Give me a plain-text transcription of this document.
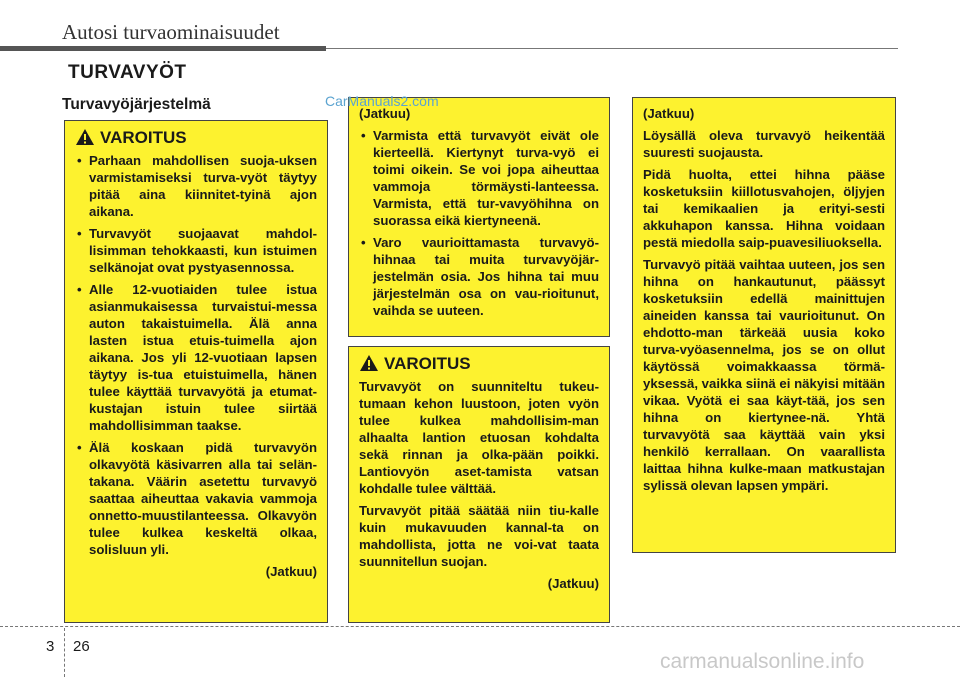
Autosi turvaominaisuudet
TURVAVYÖT
Turvavyöjärjestelmä
VAROITUS
• Parhaan mahdollisen suoja-uksen varmistamiseksi turva-vyöt täytyy pitää aina kiinnitet-tyinä ajon aikana.
• Turvavyöt suojaavat mahdol-lisimman tehokkaasti, kun istuimen selkänojat ovat pystyasennossa.
• Alle 12-vuotiaiden tulee istua asianmukaisessa turvaistui-messa auton takaistuimella. Älä anna lasten istua etuis-tuimella ajon aikana. Jos yli 12-vuotiaan lapsen täytyy is-tua etuistuimella, hänen tulee käyttää turvavyötä ja etumat-kustajan istuin tulee siirtää mahdollisimman taakse.
• Älä koskaan pidä turvavyön olkavyötä käsivarren alla tai seläntakana. Väärin asetettu turvavyö saattaa aiheuttaa vakavia vammoja onnetto-muustilanteessa. Olkavyön tulee kulkea keskeltä olkaa, solisluun yli.
(Jatkuu)

(Jatkuu)

• Varmista että turvavyöt eivät ole kierteellä. Kiertynyt turva-vyö ei toimi oikein. Se voi jopa aiheuttaa vammoja törmäysti-lanteessa. Varmista, että tur-vavyöhihna on suorassa eikä kiertyneenä.
• Varo vaurioittamasta turvavyö-hihnaa tai muita turvavyöjär-jestelmän osia. Jos hihna tai muu järjestelmän osa on vau-rioitunut, vaihda se uuteen.
VAROITUS

Turvavyöt on suunniteltu tukeu-tumaan kehon luustoon, joten vyön tulee kulkea mahdollisim-man alhaalta lantion etuosan kohdalta sekä rinnan ja olka-pään poikki. Lantiovyön aset-tamista vatsan kohdalle tulee välttää.

Turvavyöt pitää säätää niin tiu-kalle kuin mukavuuden kannal-ta on mahdollista, jotta ne voi-vat taata suunnitellun suojan.

(Jatkuu)

(Jatkuu)

Löysällä oleva turvavyö heikentää suuresti suojausta.

Pidä huolta, ettei hihna pääse kosketuksiin kiillotusvahojen, öljyjen tai kemikaalien ja erityi-sesti akkuhapon kanssa. Hihna voidaan pestä miedolla saip-puavesiliuoksella.

Turvavyö pitää vaihtaa uuteen, jos sen hihna on hankautunut, päässyt kosketuksiin edellä mainittujen aineiden kanssa tai vaurioitunut. On ehdotto-man tärkeää uusia koko turva-vyöasennelma, jos se on ollut käytössä voimakkaassa törmä-yksessä, vaikka siinä ei näkyisi mitään vikaa. Vyötä ei saa käyt-tää, jos sen hihna on kiertynee-nä. Yhtä turvavyötä saa käyttää vain yksi henkilö kerrallaan. On vaarallista laittaa hihna kulke-maan matkustajan sylissä olevan lapsen ympäri.

CarManuals2.com
3 26
carmanualsonline.info
